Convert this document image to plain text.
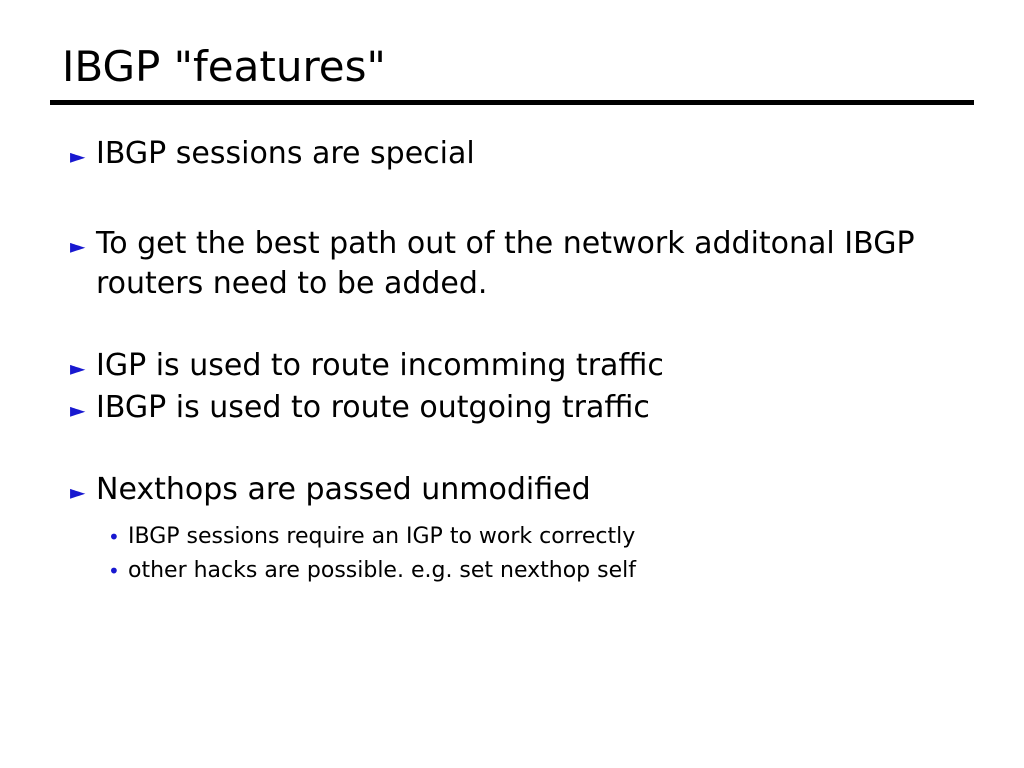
IBGP "features"
► IBGP sessions are special
► To get the best path out of the network additonal IBGP routers need to be added.
► IGP is used to route incomming traffic
► IBGP is used to route outgoing traffic
► Nexthops are passed unmodified
• IBGP sessions require an IGP to work correctly
• other hacks are possible. e.g. set nexthop self
